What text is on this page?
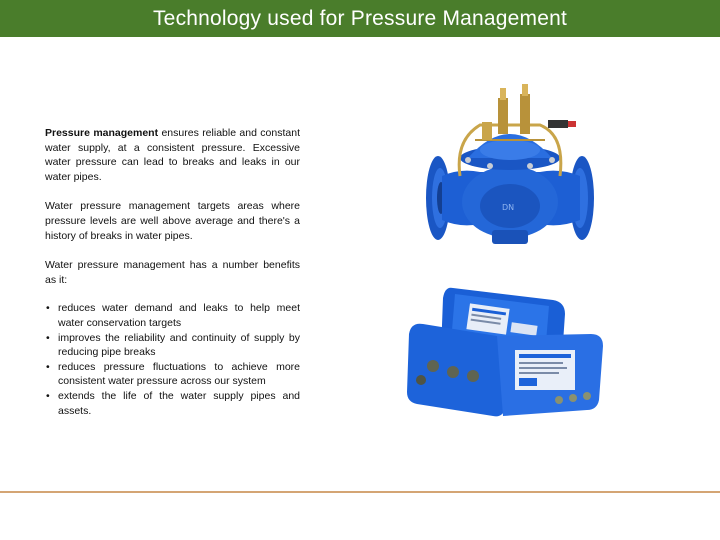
Technology used for Pressure Management

Pressure management ensures reliable and constant water supply, at a consistent pressure. Excessive water pressure can lead to breaks and leaks in our water pipes.

Water pressure management targets areas where pressure levels are well above average and there's a history of breaks in water pipes.

Water pressure management has a number benefits as it:

• reduces water demand and leaks to help meet water conservation targets
• improves the reliability and continuity of supply by reducing pipe breaks
• reduces pressure fluctuations to achieve more consistent water pressure across our system
• extends the life of the water supply pipes and assets.
DN
